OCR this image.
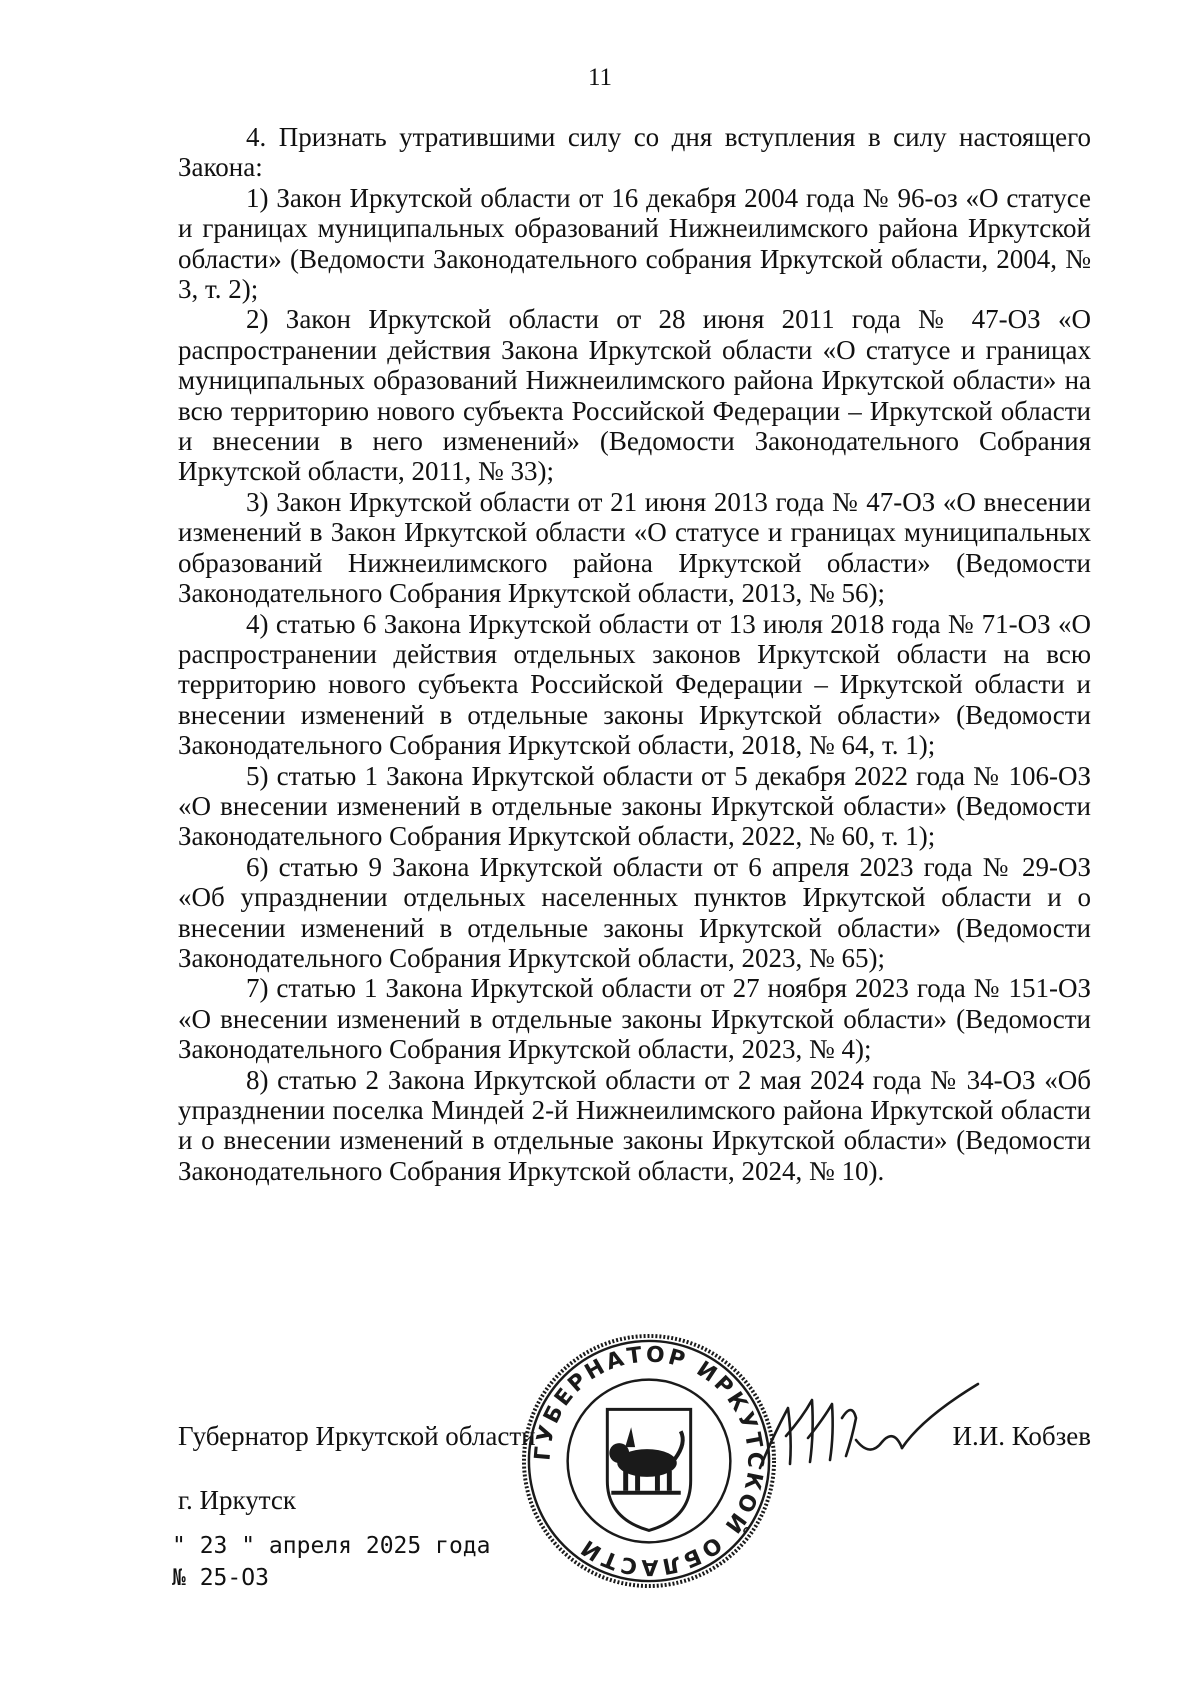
11

4. Признать утратившими силу со дня вступления в силу настоящего Закона:

1) Закон Иркутской области от 16 декабря 2004 года № 96-оз «О статусе и границах муниципальных образований Нижнеилимского района Иркутской области» (Ведомости Законодательного собрания Иркутской области, 2004, № 3, т. 2);

2) Закон Иркутской области от 28 июня 2011 года № 47-ОЗ «О распространении действия Закона Иркутской области «О статусе и границах муниципальных образований Нижнеилимского района Иркутской области» на всю территорию нового субъекта Российской Федерации – Иркутской области и внесении в него изменений» (Ведомости Законодательного Собрания Иркутской области, 2011, № 33);

3) Закон Иркутской области от 21 июня 2013 года № 47-ОЗ «О внесении изменений в Закон Иркутской области «О статусе и границах муниципальных образований Нижнеилимского района Иркутской области» (Ведомости Законодательного Собрания Иркутской области, 2013, № 56);

4) статью 6 Закона Иркутской области от 13 июля 2018 года № 71-ОЗ «О распространении действия отдельных законов Иркутской области на всю территорию нового субъекта Российской Федерации – Иркутской области и внесении изменений в отдельные законы Иркутской области» (Ведомости Законодательного Собрания Иркутской области, 2018, № 64, т. 1);

5) статью 1 Закона Иркутской области от 5 декабря 2022 года № 106-ОЗ «О внесении изменений в отдельные законы Иркутской области» (Ведомости Законодательного Собрания Иркутской области, 2022, № 60, т. 1);

6) статью 9 Закона Иркутской области от 6 апреля 2023 года № 29-ОЗ «Об упразднении отдельных населенных пунктов Иркутской области и о внесении изменений в отдельные законы Иркутской области» (Ведомости Законодательного Собрания Иркутской области, 2023, № 65);

7) статью 1 Закона Иркутской области от 27 ноября 2023 года № 151-ОЗ «О внесении изменений в отдельные законы Иркутской области» (Ведомости Законодательного Собрания Иркутской области, 2023, № 4);

8) статью 2 Закона Иркутской области от 2 мая 2024 года № 34-ОЗ «Об упразднении поселка Миндей 2-й Нижнеилимского района Иркутской области и о внесении изменений в отдельные законы Иркутской области» (Ведомости Законодательного Собрания Иркутской области, 2024, № 10).

Губернатор Иркутской области	И.И. Кобзев
г. Иркутск
" 23 " апреля 2025 года
№ 25-ОЗ
ГУБЕРНАТОР ИРКУТСКОЙ ОБЛАСТИ
